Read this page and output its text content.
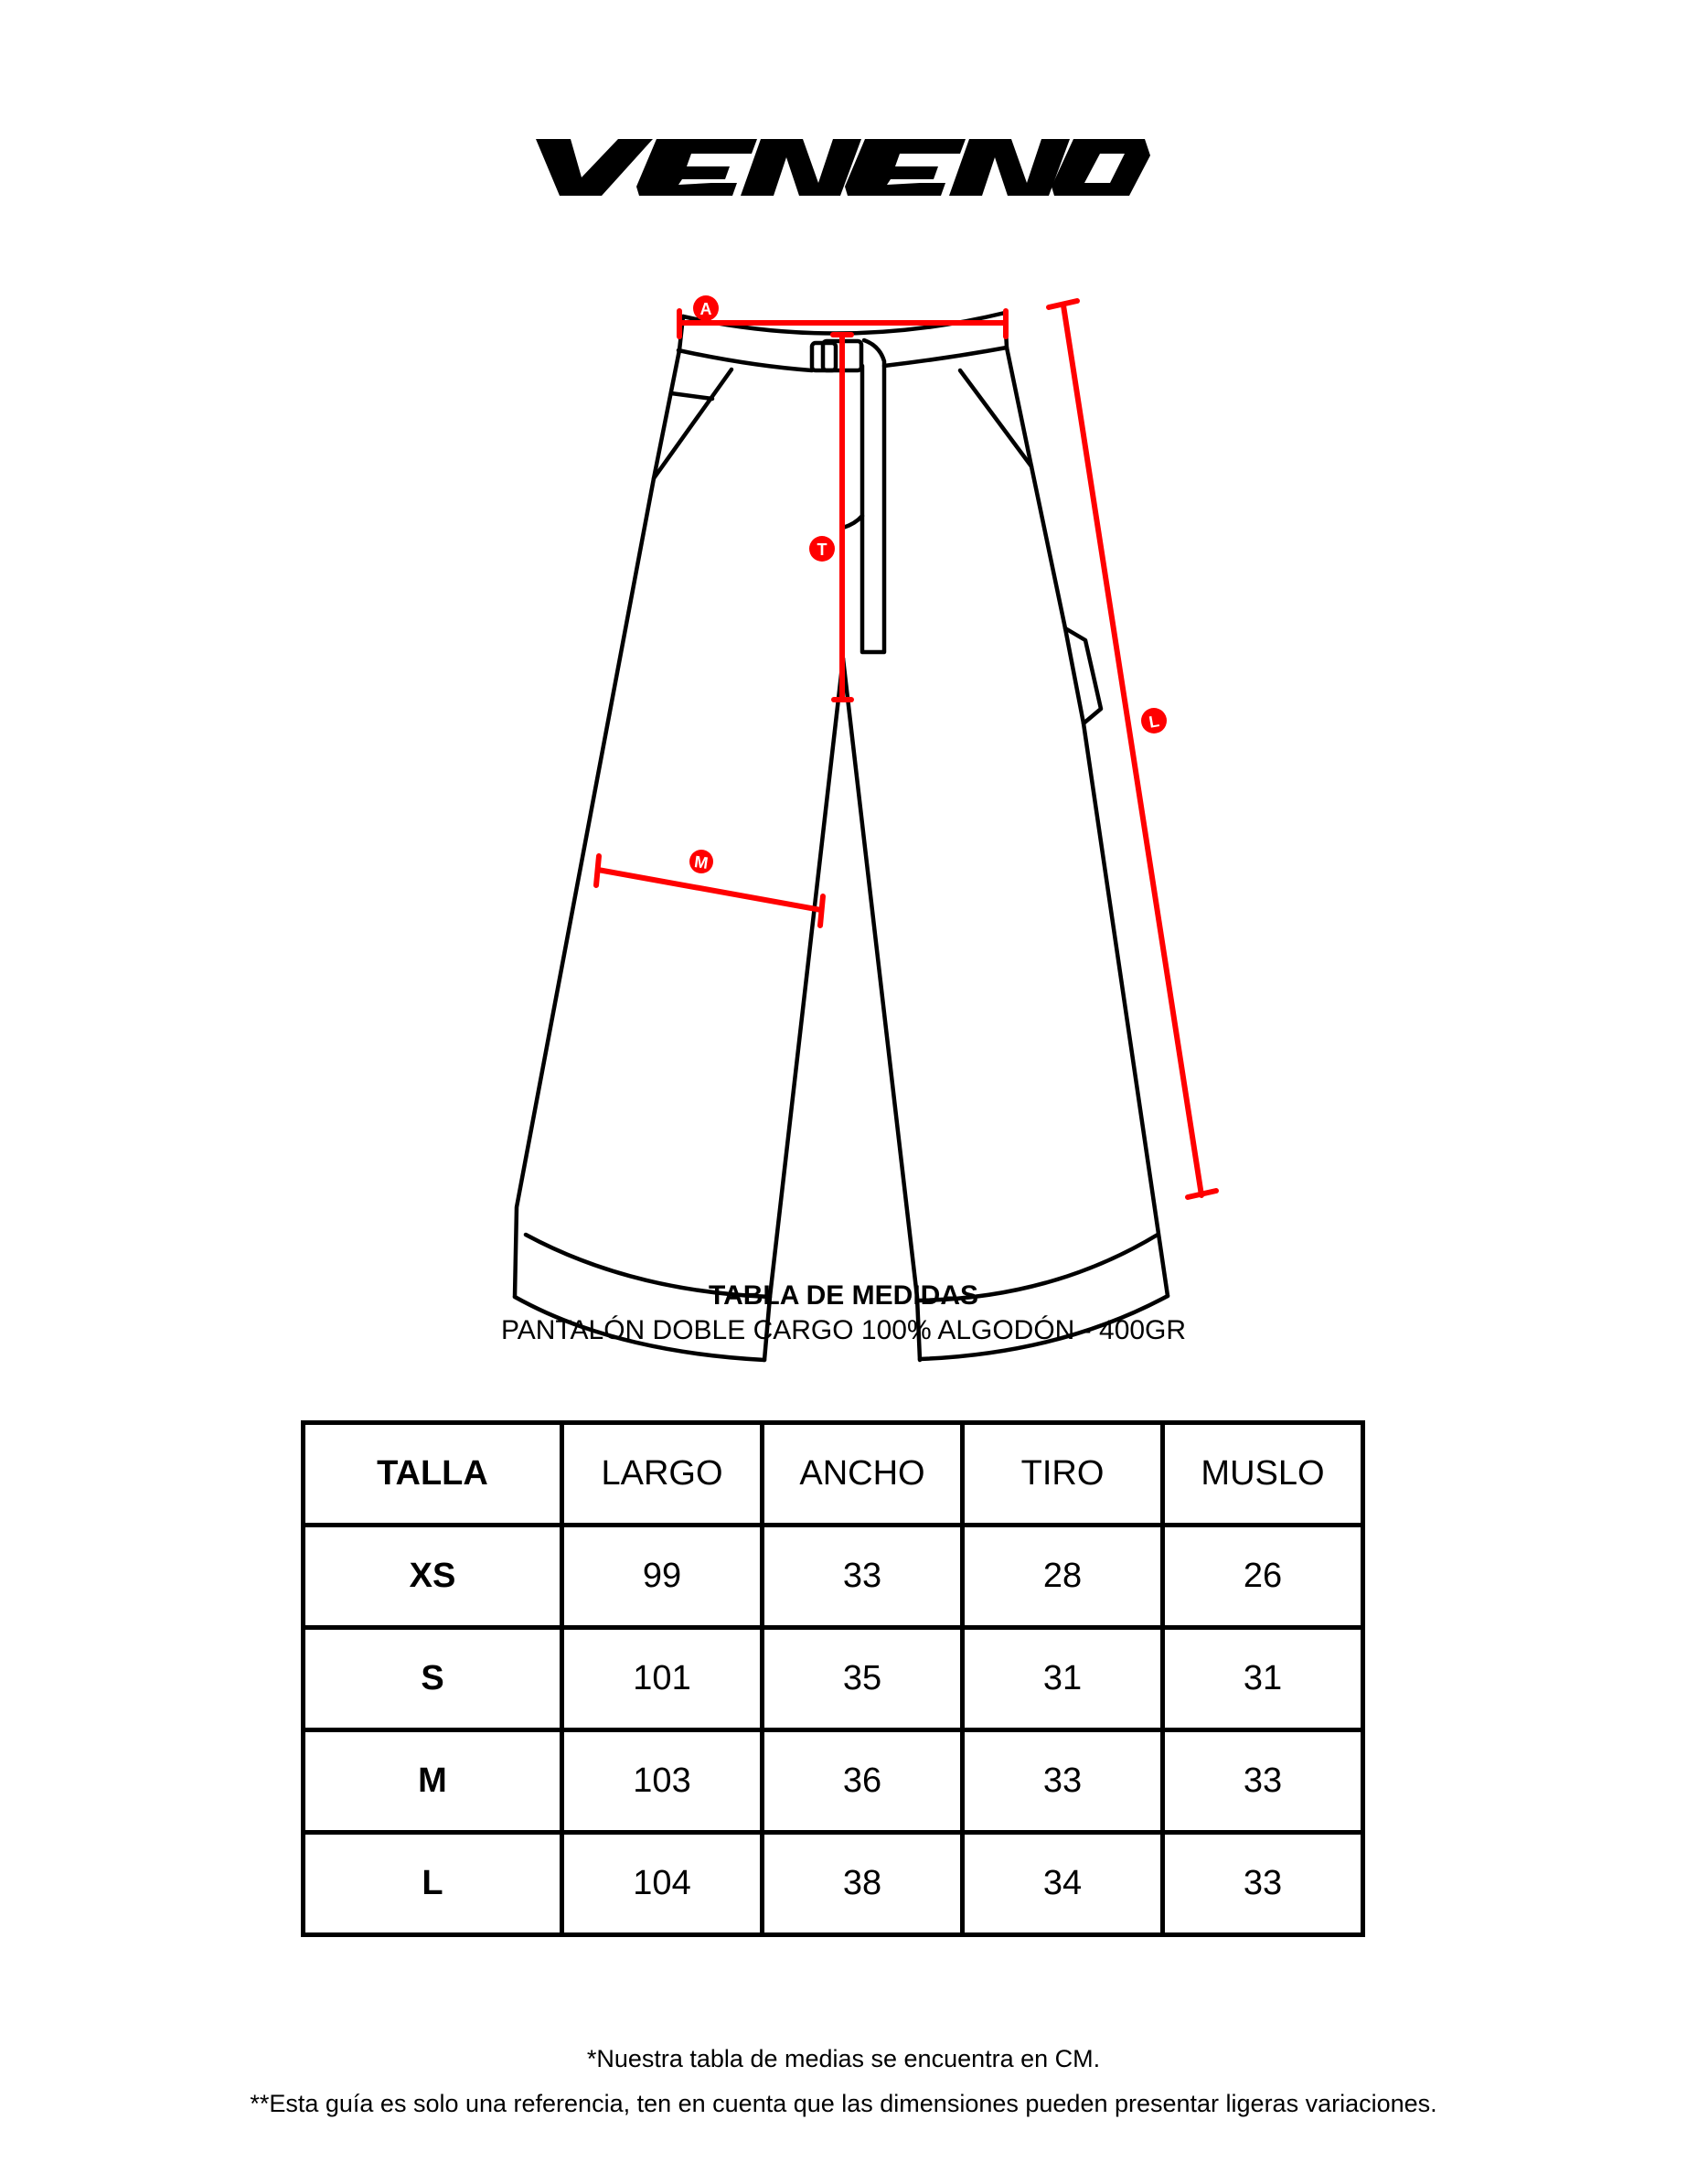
A
T
M
L
TABLA DE MEDIDAS
PANTALÓN DOBLE CARGO 100% ALGODÓN - 400GR
TALLA	LARGO	ANCHO	TIRO	MUSLO
XS	99	33	28	26
S	101	35	31	31
M	103	36	33	33
L	104	38	34	33
*Nuestra tabla de medias se encuentra en CM.
**Esta guía es solo una referencia, ten en cuenta que las dimensiones pueden presentar ligeras variaciones.
